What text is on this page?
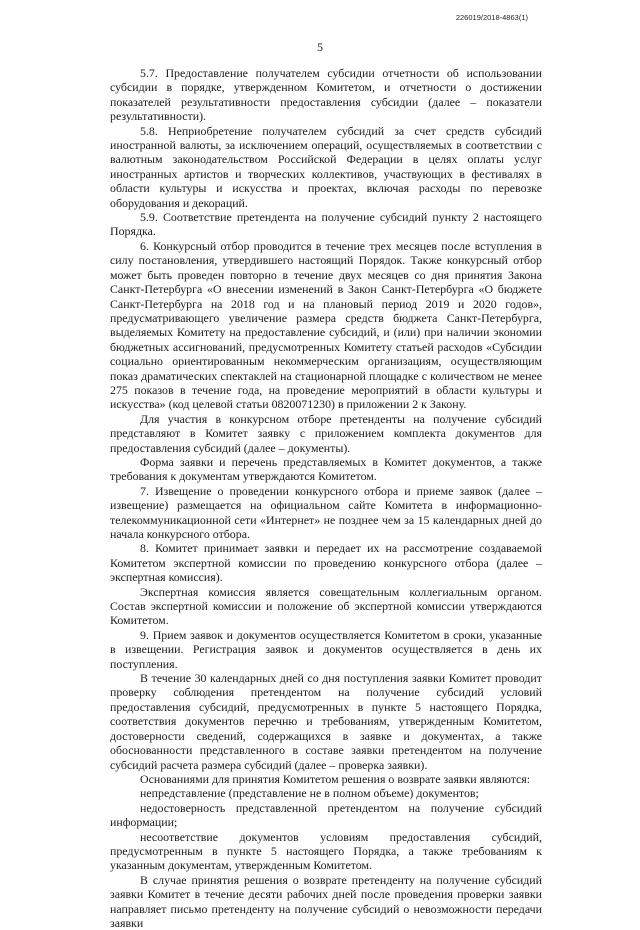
226019/2018-4863(1)
5

5.7. Предоставление получателем субсидии отчетности об использовании субсидии в порядке, утвержденном Комитетом, и отчетности о достижении показателей результативности предоставления субсидии (далее – показатели результативности).

5.8. Неприобретение получателем субсидий за счет средств субсидий иностранной валюты, за исключением операций, осуществляемых в соответствии с валютным законодательством Российской Федерации в целях оплаты услуг иностранных артистов и творческих коллективов, участвующих в фестивалях в области культуры и искусства и проектах, включая расходы по перевозке оборудования и декораций.

5.9. Соответствие претендента на получение субсидий пункту 2 настоящего Порядка.

6. Конкурсный отбор проводится в течение трех месяцев после вступления в силу постановления, утвердившего настоящий Порядок. Также конкурсный отбор может быть проведен повторно в течение двух месяцев со дня принятия Закона Санкт-Петербурга «О внесении изменений в Закон Санкт-Петербурга «О бюджете Санкт-Петербурга на 2018 год и на плановый период 2019 и 2020 годов», предусматривающего увеличение размера средств бюджета Санкт-Петербурга, выделяемых Комитету на предоставление субсидий, и (или) при наличии экономии бюджетных ассигнований, предусмотренных Комитету статьей расходов «Субсидии социально ориентированным некоммерческим организациям, осуществляющим показ драматических спектаклей на стационарной площадке с количеством не менее 275 показов в течение года, на проведение мероприятий в области культуры и искусства» (код целевой статьи 0820071230) в приложении 2 к Закону.

Для участия в конкурсном отборе претенденты на получение субсидий представляют в Комитет заявку с приложением комплекта документов для предоставления субсидий (далее – документы).

Форма заявки и перечень представляемых в Комитет документов, а также требования к документам утверждаются Комитетом.

7. Извещение о проведении конкурсного отбора и приеме заявок (далее – извещение) размещается на официальном сайте Комитета в информационно-телекоммуникационной сети «Интернет» не позднее чем за 15 календарных дней до начала конкурсного отбора.

8. Комитет принимает заявки и передает их на рассмотрение создаваемой Комитетом экспертной комиссии по проведению конкурсного отбора (далее – экспертная комиссия).

Экспертная комиссия является совещательным коллегиальным органом. Состав экспертной комиссии и положение об экспертной комиссии утверждаются Комитетом.

9. Прием заявок и документов осуществляется Комитетом в сроки, указанные в извещении. Регистрация заявок и документов осуществляется в день их поступления.

В течение 30 календарных дней со дня поступления заявки Комитет проводит проверку соблюдения претендентом на получение субсидий условий предоставления субсидий, предусмотренных в пункте 5 настоящего Порядка, соответствия документов перечню и требованиям, утвержденным Комитетом, достоверности сведений, содержащихся в заявке и документах, а также обоснованности представленного в составе заявки претендентом на получение субсидий расчета размера субсидий (далее – проверка заявки).

Основаниями для принятия Комитетом решения о возврате заявки являются:

непредставление (представление не в полном объеме) документов;

недостоверность представленной претендентом на получение субсидий информации;

несоответствие документов условиям предоставления субсидий, предусмотренным в пункте 5 настоящего Порядка, а также требованиям к указанным документам, утвержденным Комитетом.

В случае принятия решения о возврате претенденту на получение субсидий заявки Комитет в течение десяти рабочих дней после проведения проверки заявки направляет письмо претенденту на получение субсидий о невозможности передачи заявки
